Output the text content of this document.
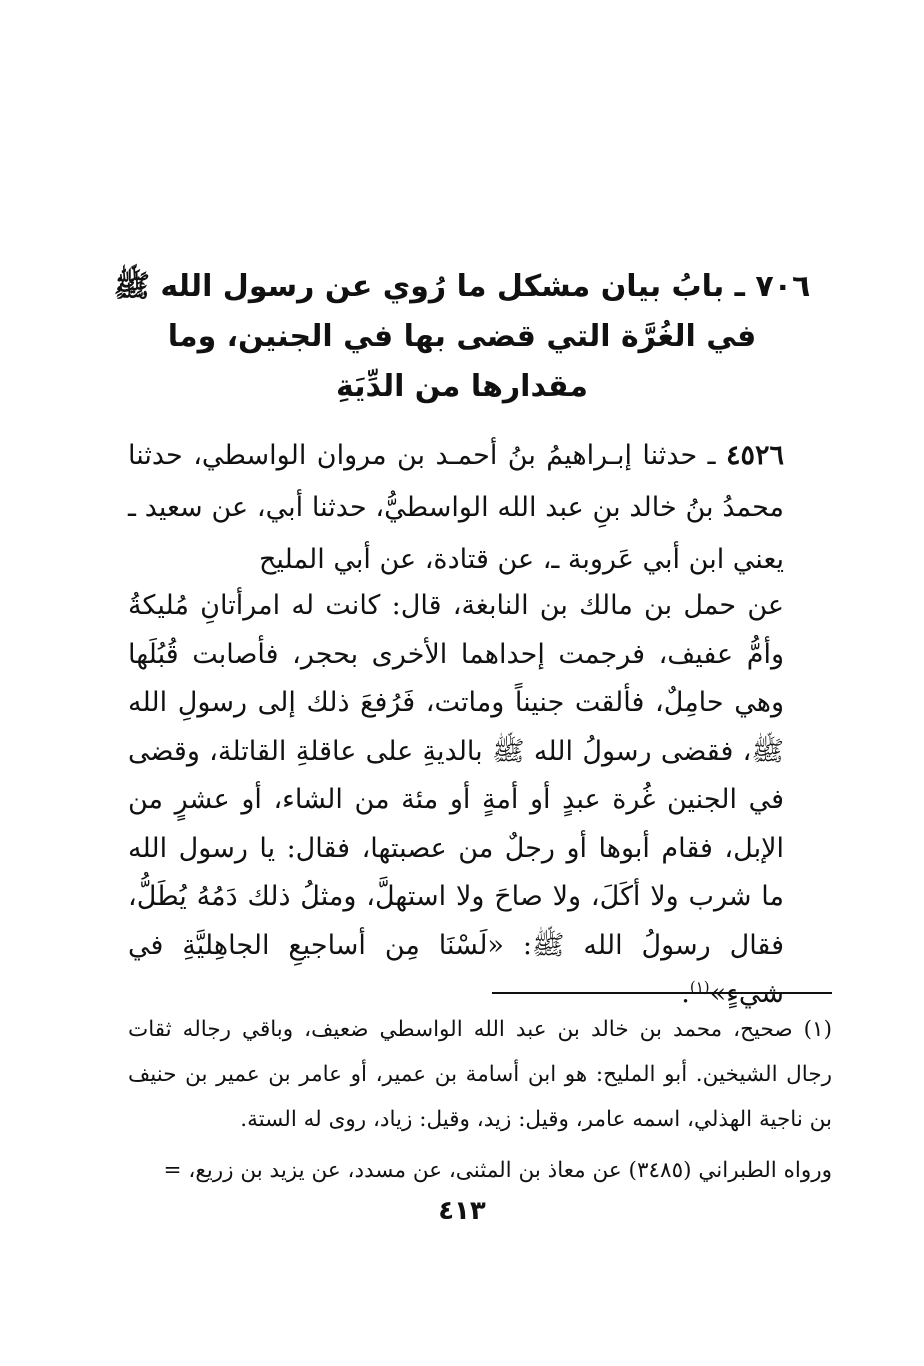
٧٠٦ ـ بابُ بيان مشكل ما رُوي عن رسول الله ﷺ
في الغُرَّة التي قضى بها في الجنين، وما
مقدارها من الدِّيَةِ
٤٥٢٦ ـ حدثنا إبـراهيمُ بنُ أحمـد بن مروان الواسطي، حدثنا محمدُ بنُ خالد بنِ عبد الله الواسطيُّ، حدثنا أبي، عن سعيد ـ يعني ابن أبي عَروبة ـ، عن قتادة، عن أبي المليح
عن حمل بن مالك بن النابغة، قال: كانت له امرأتانِ مُليكةُ وأمُّ عفيف، فرجمت إحداهما الأخرى بحجر، فأصابت قُبُلَها وهي حامِلٌ، فألقت جنيناً وماتت، فَرُفعَ ذلك إلى رسولِ الله ﷺ، فقضى رسولُ الله ﷺ بالديةِ على عاقلةِ القاتلة، وقضى في الجنين غُرة عبدٍ أو أمةٍ أو مئة من الشاء، أو عشرٍ من الإبل، فقام أبوها أو رجلٌ من عصبتها، فقال: يا رسول الله ما شرب ولا أكَلَ، ولا صاحَ ولا استهلَّ، ومثلُ ذلك دَمُهُ يُطَلُّ، فقال رسولُ الله ﷺ: «لَسْنَا مِن أساجيعِ الجاهِليَّةِ في شيءٍ»$^{(١)}$.

(١) صحيح، محمد بن خالد بن عبد الله الواسطي ضعيف، وباقي رجاله ثقات رجال الشيخين. أبو المليح: هو ابن أسامة بن عمير، أو عامر بن عمير بن حنيف بن ناجية الهذلي، اسمه عامر، وقيل: زيد، وقيل: زياد، روى له الستة.

ورواه الطبراني (٣٤٨٥) عن معاذ بن المثنى، عن مسدد، عن يزيد بن زريع، =

٤١٣
